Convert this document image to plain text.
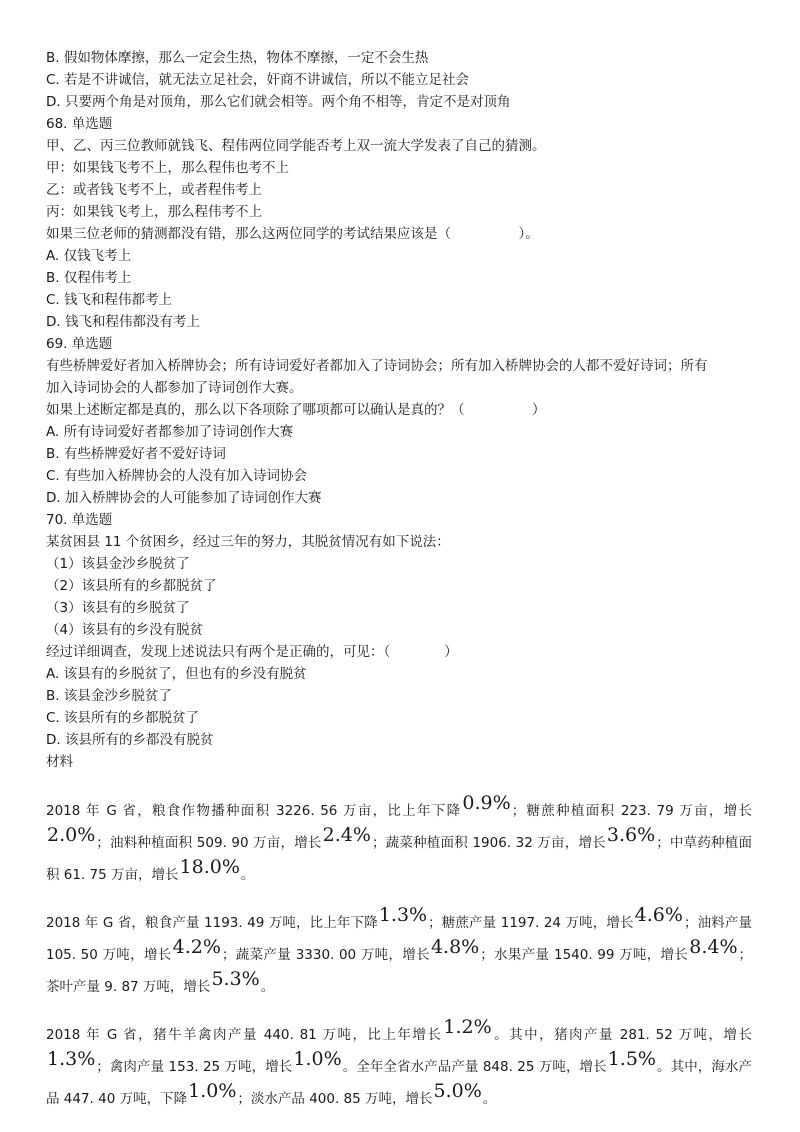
B. 假如物体摩擦，那么一定会生热，物体不摩擦，一定不会生热
C. 若是不讲诚信，就无法立足社会，奸商不讲诚信，所以不能立足社会
D. 只要两个角是对顶角，那么它们就会相等。两个角不相等，肯定不是对顶角
68. 单选题
甲、乙、丙三位教师就钱飞、程伟两位同学能否考上双一流大学发表了自己的猜测。
甲：如果钱飞考不上，那么程伟也考不上
乙：或者钱飞考不上，或者程伟考上
丙：如果钱飞考上，那么程伟考不上
如果三位老师的猜测都没有错，那么这两位同学的考试结果应该是（　　　　　）。
A. 仅钱飞考上
B. 仅程伟考上
C. 钱飞和程伟都考上
D. 钱飞和程伟都没有考上
69. 单选题
有些桥牌爱好者加入桥牌协会；所有诗词爱好者都加入了诗词协会；所有加入桥牌协会的人都不爱好诗词；所有
加入诗词协会的人都参加了诗词创作大赛。
如果上述断定都是真的，那么以下各项除了哪项都可以确认是真的？（　　　　　）
A. 所有诗词爱好者都参加了诗词创作大赛
B. 有些桥牌爱好者不爱好诗词
C. 有些加入桥牌协会的人没有加入诗词协会
D. 加入桥牌协会的人可能参加了诗词创作大赛
70. 单选题
某贫困县 11 个贫困乡，经过三年的努力，其脱贫情况有如下说法：
（1）该县金沙乡脱贫了
（2）该县所有的乡都脱贫了
（3）该县有的乡脱贫了
（4）该县有的乡没有脱贫
经过详细调查，发现上述说法只有两个是正确的，可见：（　　　　）
A. 该县有的乡脱贫了，但也有的乡没有脱贫
B. 该县金沙乡脱贫了
C. 该县所有的乡都脱贫了
D. 该县所有的乡都没有脱贫
材料
2018 年 G 省，粮食作物播种面积 3226. 56 万亩，比上年下降0.9%；糖蔗种植面积 223. 79 万亩，增长2.0%；油料种植面积 509. 90 万亩，增长2.4%；蔬菜种植面积 1906. 32 万亩，增长3.6%；中草药种植面积 61. 75 万亩，增长18.0%。
2018 年 G 省，粮食产量 1193. 49 万吨，比上年下降1.3%；糖蔗产量 1197. 24 万吨，增长4.6%；油料产量 105. 50 万吨，增长4.2%；蔬菜产量 3330. 00 万吨，增长4.8%；水果产量 1540. 99 万吨，增长8.4%；茶叶产量 9. 87 万吨，增长5.3%。
2018 年 G 省，猪牛羊禽肉产量 440. 81 万吨，比上年增长1.2%。其中，猪肉产量 281. 52 万吨，增长1.3%；禽肉产量 153. 25 万吨，增长1.0%。全年全省水产品产量 848. 25 万吨，增长1.5%。其中，海水产品 447. 40 万吨，下降1.0%；淡水产品 400. 85 万吨，增长5.0%。
